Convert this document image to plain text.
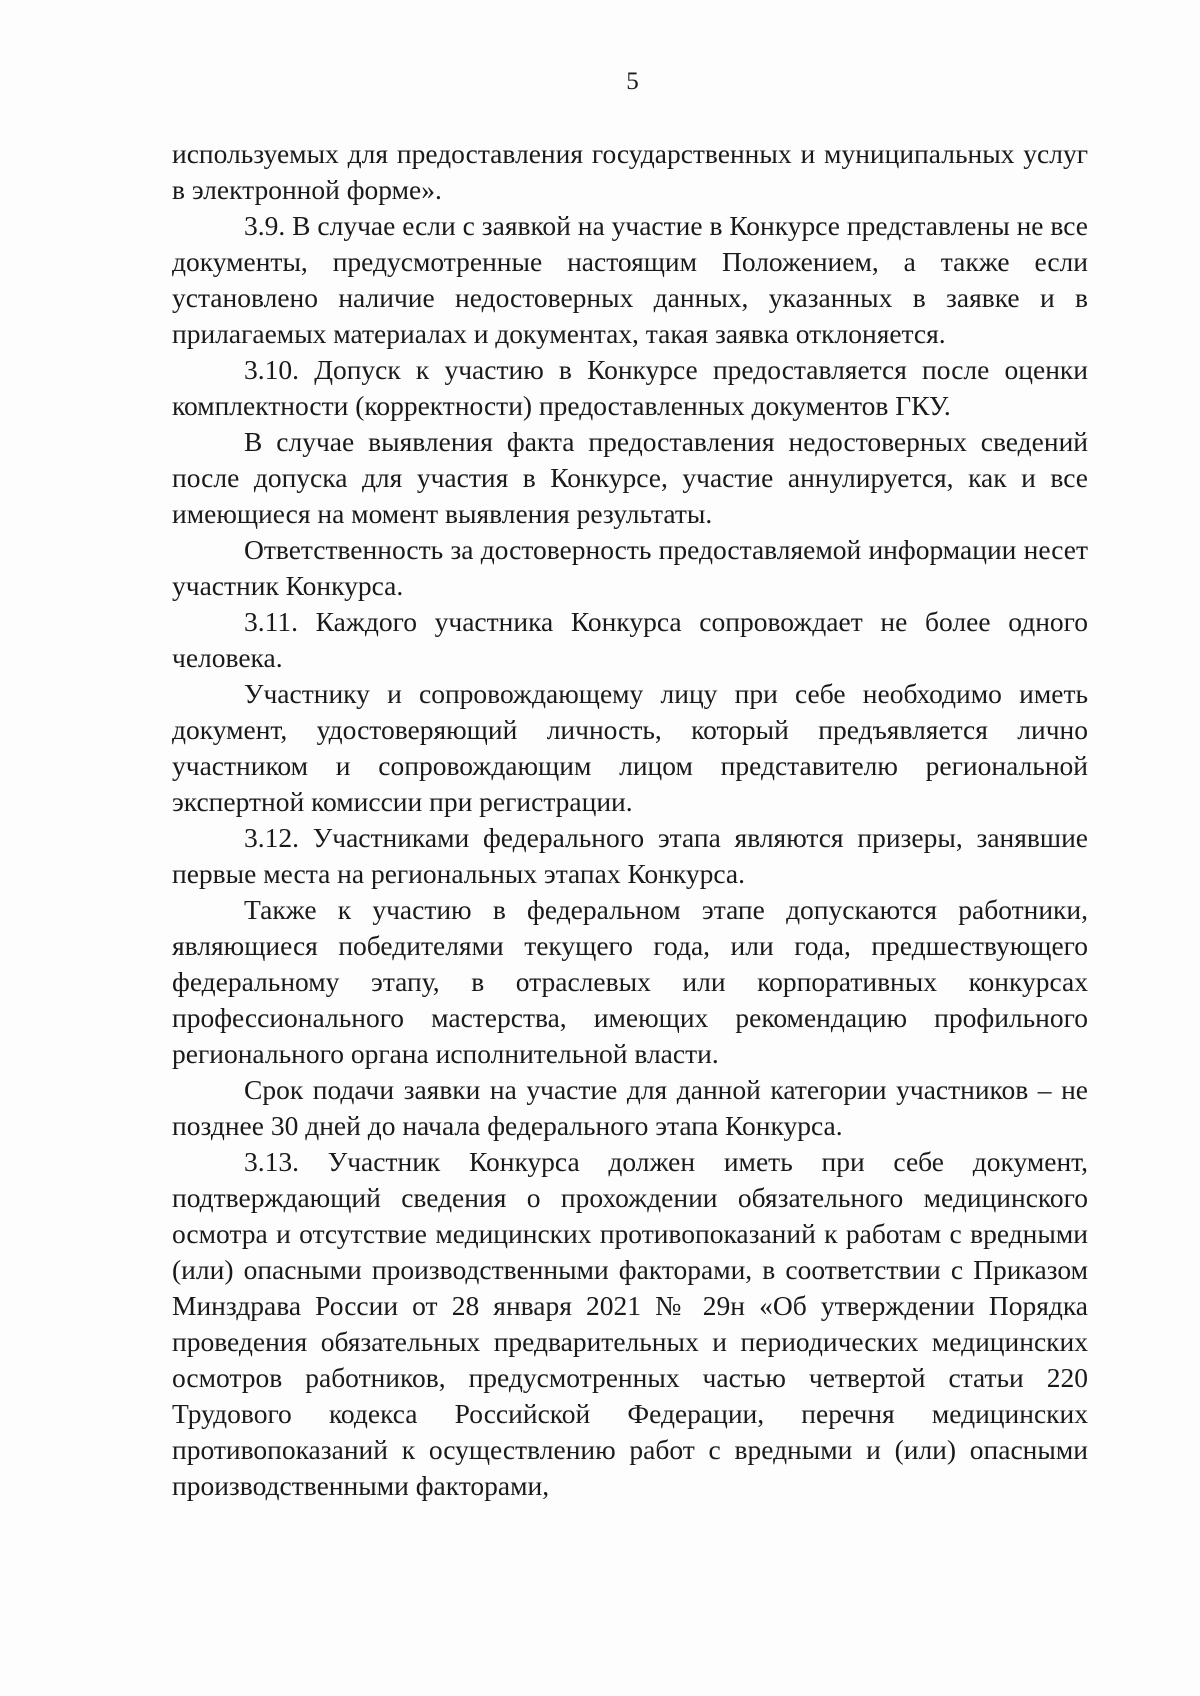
5

используемых для предоставления государственных и муниципальных услуг в электронной форме».

3.9. В случае если с заявкой на участие в Конкурсе представлены не все документы, предусмотренные настоящим Положением, а также если установлено наличие недостоверных данных, указанных в заявке и в прилагаемых материалах и документах, такая заявка отклоняется.

3.10. Допуск к участию в Конкурсе предоставляется после оценки комплектности (корректности) предоставленных документов ГКУ.

В случае выявления факта предоставления недостоверных сведений после допуска для участия в Конкурсе, участие аннулируется, как и все имеющиеся на момент выявления результаты.

Ответственность за достоверность предоставляемой информации несет участник Конкурса.

3.11. Каждого участника Конкурса сопровождает не более одного человека.

Участнику и сопровождающему лицу при себе необходимо иметь документ, удостоверяющий личность, который предъявляется лично участником и сопровождающим лицом представителю региональной экспертной комиссии при регистрации.

3.12. Участниками федерального этапа являются призеры, занявшие первые места на региональных этапах Конкурса.

Также к участию в федеральном этапе допускаются работники, являющиеся победителями текущего года, или года, предшествующего федеральному этапу, в отраслевых или корпоративных конкурсах профессионального мастерства, имеющих рекомендацию профильного регионального органа исполнительной власти.

Срок подачи заявки на участие для данной категории участников – не позднее 30 дней до начала федерального этапа Конкурса.

3.13. Участник Конкурса должен иметь при себе документ, подтверждающий сведения о прохождении обязательного медицинского осмотра и отсутствие медицинских противопоказаний к работам с вредными (или) опасными производственными факторами, в соответствии с Приказом Минздрава России от 28 января 2021 № 29н «Об утверждении Порядка проведения обязательных предварительных и периодических медицинских осмотров работников, предусмотренных частью четвертой статьи 220 Трудового кодекса Российской Федерации, перечня медицинских противопоказаний к осуществлению работ с вредными и (или) опасными производственными факторами,
